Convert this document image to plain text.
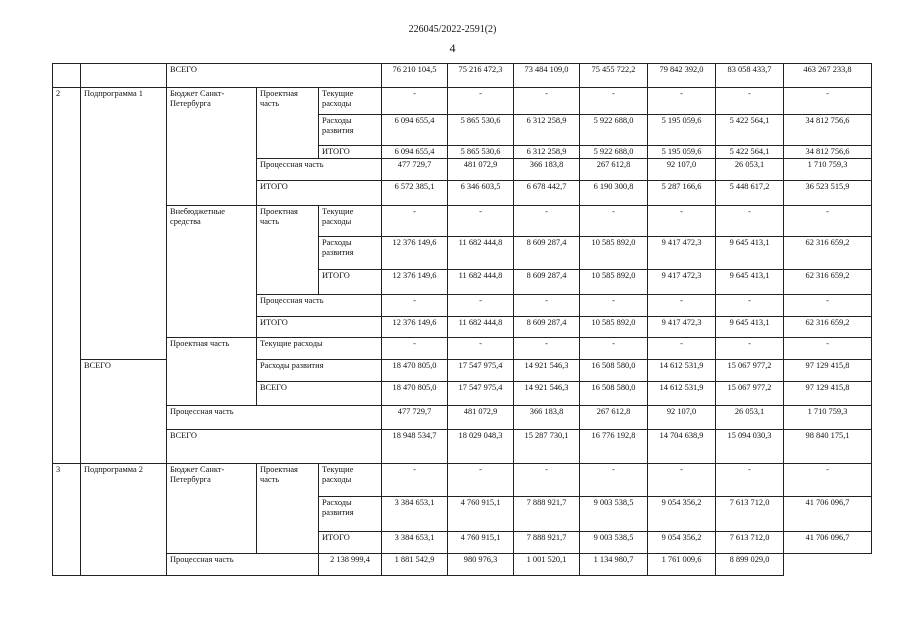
226045/2022-2591(2)
4
		ВСЕГО			76 210 104,5	75 216 472,3	73 484 109,0	75 455 722,2	79 842 392,0	83 058 433,7	463 267 233,8
2	Подпрограмма 1	Бюджет Санкт-Петербурга	Проектная часть	Текущие расходы	-	-	-	-	-	-	-
				Расходы развития	6 094 655,4	5 865 530,6	6 312 258,9	5 922 688,0	5 195 059,6	5 422 564,1	34 812 756,6
				ИТОГО	6 094 655,4	5 865 530,6	6 312 258,9	5 922 688,0	5 195 059,6	5 422 564,1	34 812 756,6
			Процессная часть		477 729,7	481 072,9	366 183,8	267 612,8	92 107,0	26 053,1	1 710 759,3
			ИТОГО		6 572 385,1	6 346 603,5	6 678 442,7	6 190 300,8	5 287 166,6	5 448 617,2	36 523 515,9
		Внебюджетные средства	Проектная часть	Текущие расходы	-	-	-	-	-	-	-
				Расходы развития	12 376 149,6	11 682 444,8	8 609 287,4	10 585 892,0	9 417 472,3	9 645 413,1	62 316 659,2
				ИТОГО	12 376 149,6	11 682 444,8	8 609 287,4	10 585 892,0	9 417 472,3	9 645 413,1	62 316 659,2
			Процессная часть		-	-	-	-	-	-	-
			ИТОГО		12 376 149,6	11 682 444,8	8 609 287,4	10 585 892,0	9 417 472,3	9 645 413,1	62 316 659,2
		Проектная часть	Текущие расходы		-	-	-	-	-	-	-
	ВСЕГО		Расходы развития		18 470 805,0	17 547 975,4	14 921 546,3	16 508 580,0	14 612 531,9	15 067 977,2	97 129 415,8
			ВСЕГО		18 470 805,0	17 547 975,4	14 921 546,3	16 508 580,0	14 612 531,9	15 067 977,2	97 129 415,8
		Процессная часть			477 729,7	481 072,9	366 183,8	267 612,8	92 107,0	26 053,1	1 710 759,3
		ВСЕГО			18 948 534,7	18 029 048,3	15 287 730,1	16 776 192,8	14 704 638,9	15 094 030,3	98 840 175,1
3	Подпрограмма 2	Бюджет Санкт-Петербурга	Проектная часть	Текущие расходы	-	-	-	-	-	-	-
				Расходы развития	3 384 653,1	4 760 915,1	7 888 921,7	9 003 538,5	9 054 356,2	7 613 712,0	41 706 096,7
				ИТОГО	3 384 653,1	4 760 915,1	7 888 921,7	9 003 538,5	9 054 356,2	7 613 712,0	41 706 096,7
		Процессная часть		2 138 999,4	1 881 542,9	980 976,3	1 001 520,1	1 134 980,7	1 761 009,6	8 899 029,0	
